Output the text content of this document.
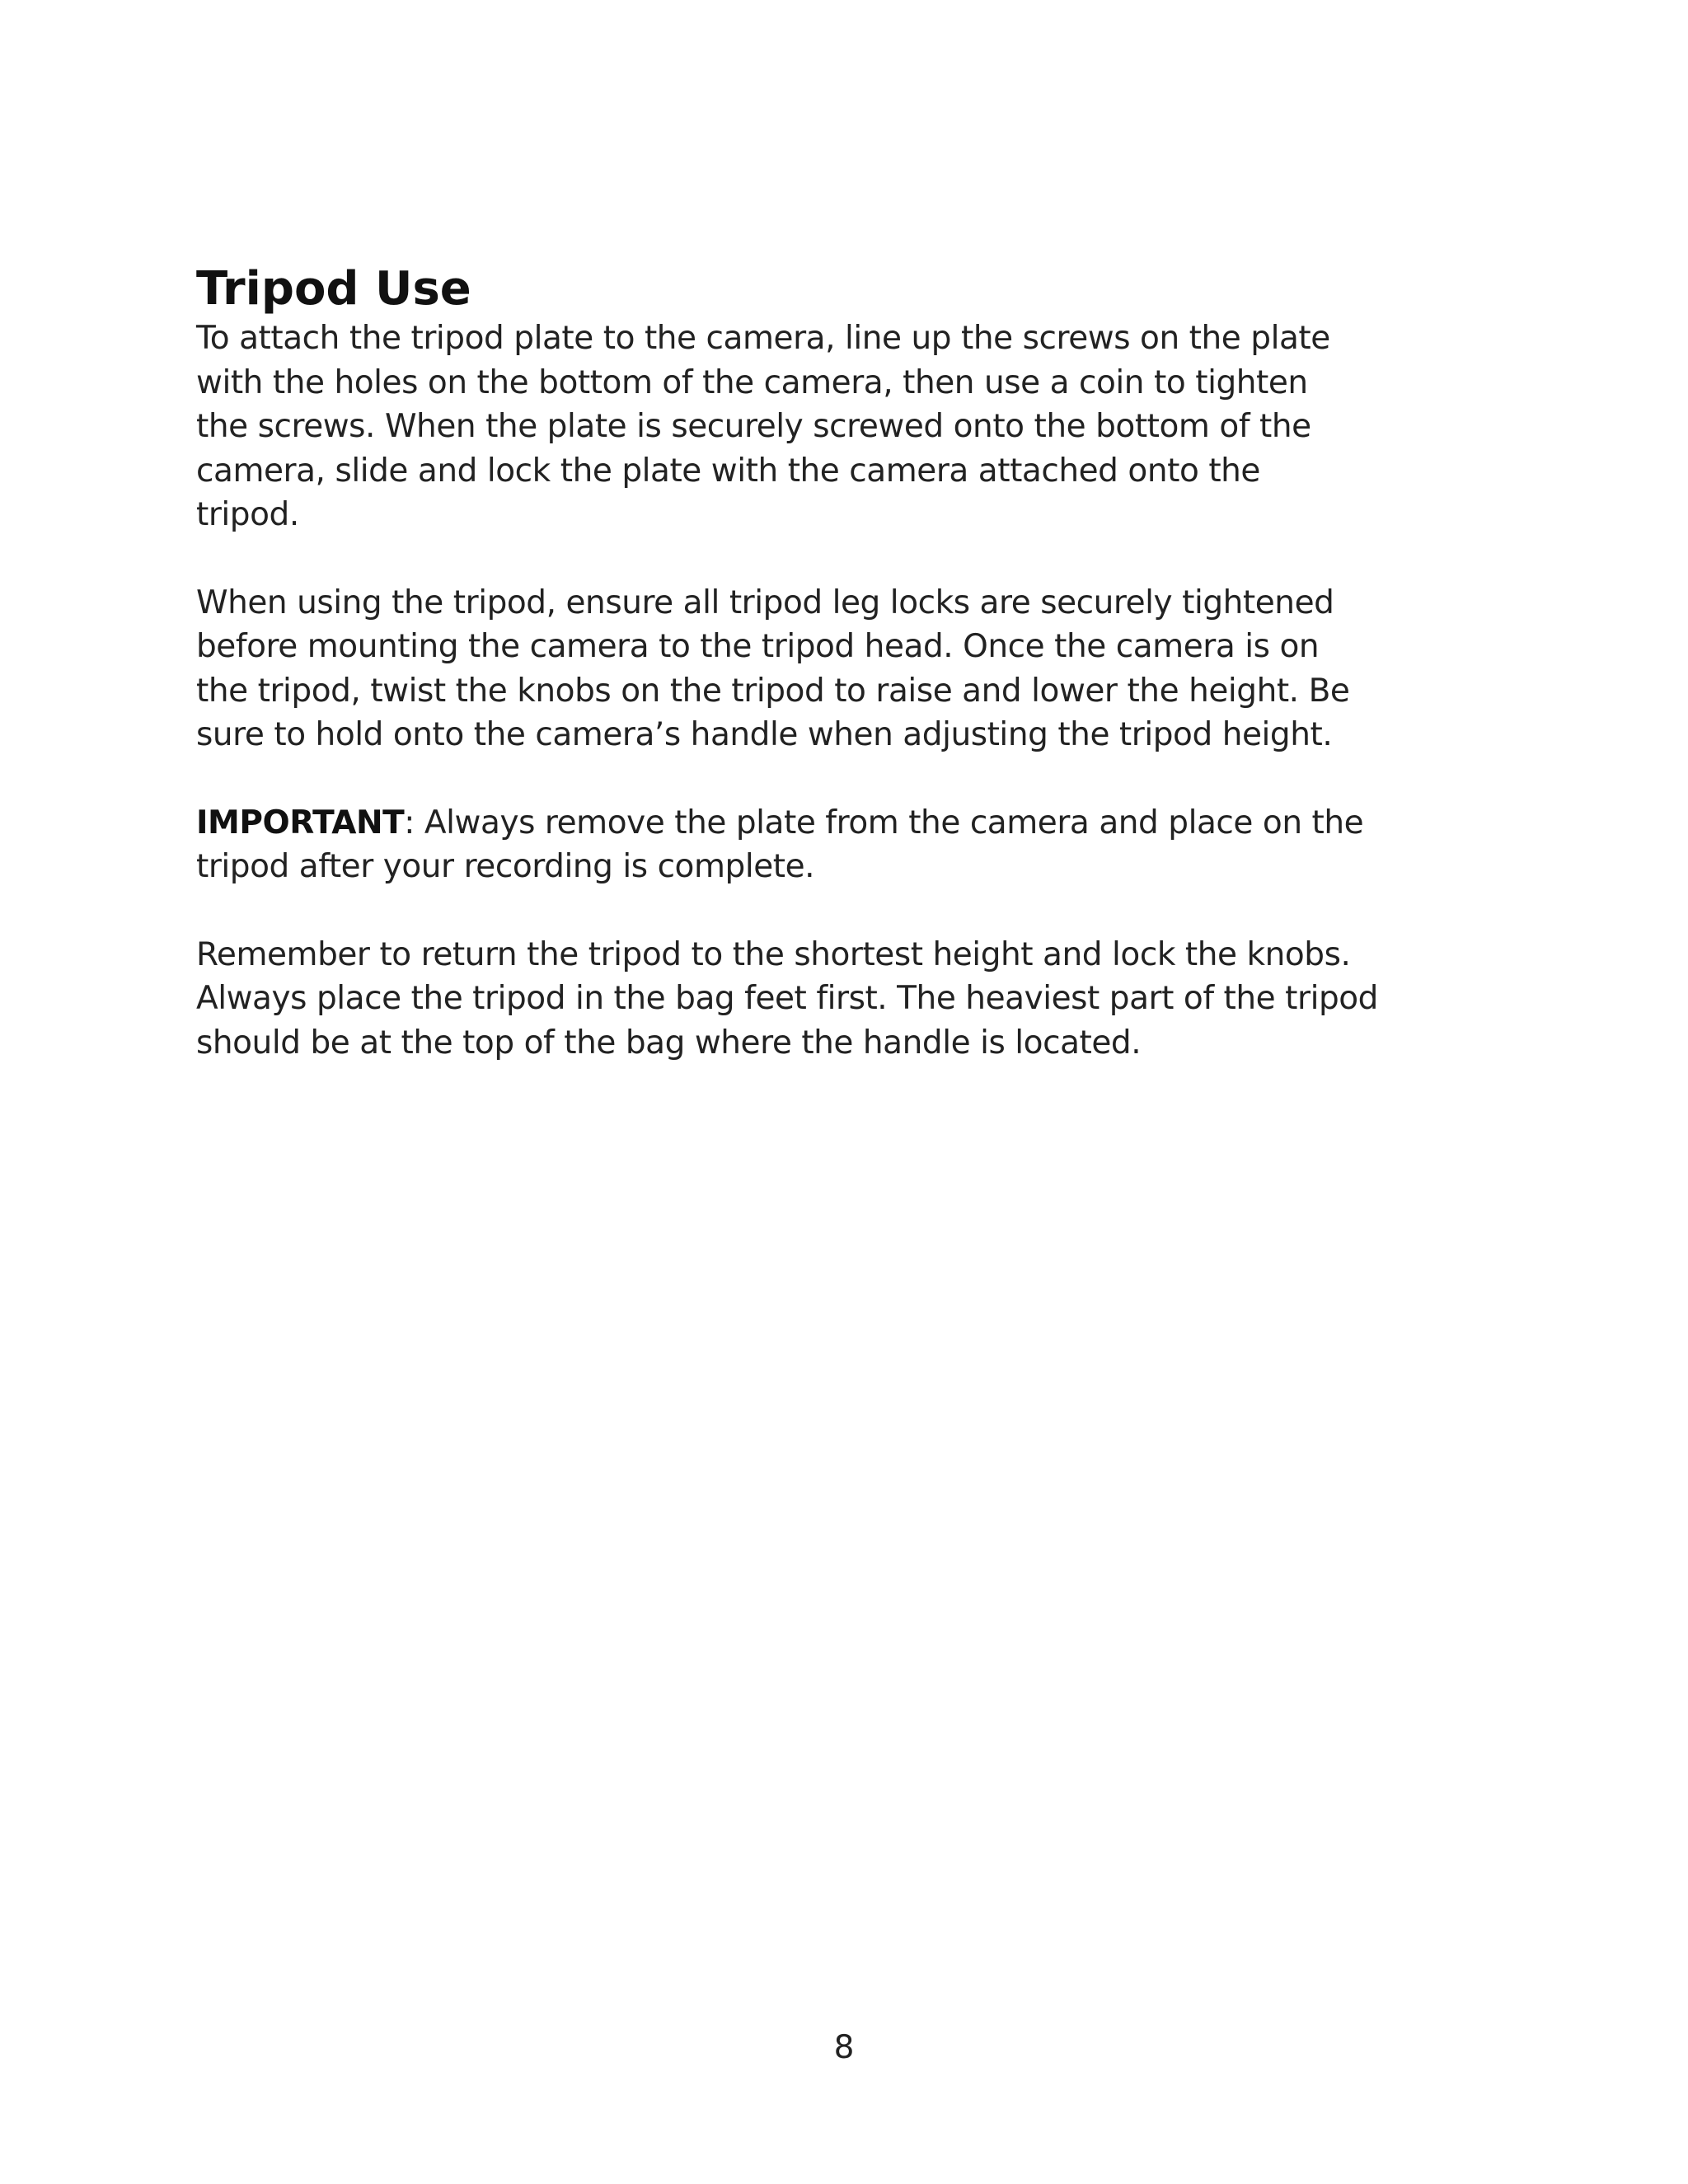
Tripod Use

To attach the tripod plate to the camera, line up the screws on the plate
with the holes on the bottom of the camera, then use a coin to tighten
the screws. When the plate is securely screwed onto the bottom of the
camera, slide and lock the plate with the camera attached onto the
tripod.

When using the tripod, ensure all tripod leg locks are securely tightened
before mounting the camera to the tripod head. Once the camera is on
the tripod, twist the knobs on the tripod to raise and lower the height. Be
sure to hold onto the camera’s handle when adjusting the tripod height.

IMPORTANT: Always remove the plate from the camera and place on the
tripod after your recording is complete.

Remember to return the tripod to the shortest height and lock the knobs.
Always place the tripod in the bag feet first. The heaviest part of the tripod
should be at the top of the bag where the handle is located.

8
